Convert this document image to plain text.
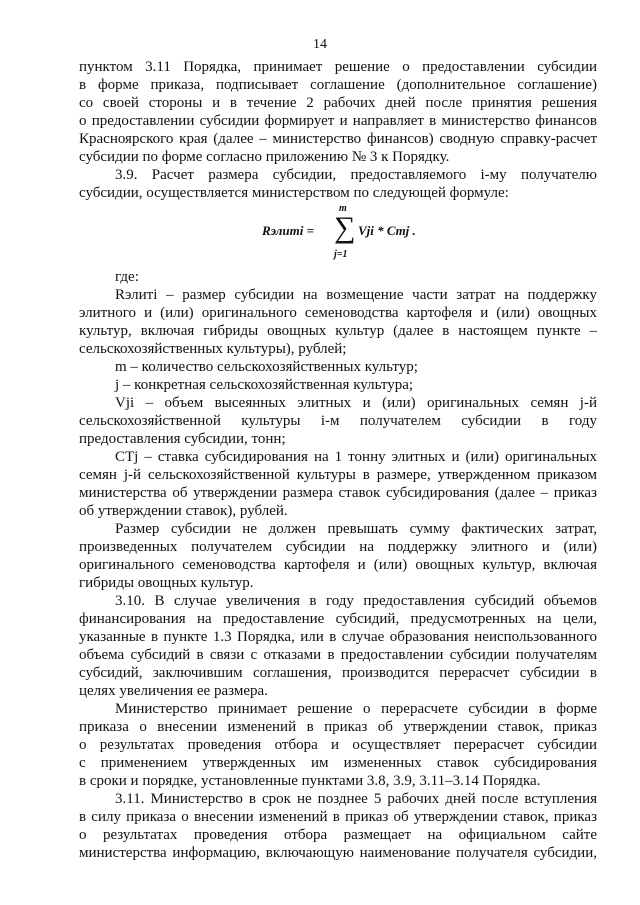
14
пунктом 3.11 Порядка, принимает решение о предоставлении субсидии
в форме приказа, подписывает соглашение (дополнительное соглашение)
со своей стороны и в течение 2 рабочих дней после принятия решения
о предоставлении субсидии формирует и направляет в министерство финансов
Красноярского края (далее – министерство финансов) сводную справку-расчет
субсидии по форме согласно приложению № 3 к Порядку.
3.9. Расчет размера субсидии, предоставляемого i-му получателю
субсидии, осуществляется министерством по следующей формуле:
где:
Rэлитi – размер субсидии на возмещение части затрат на поддержку
элитного и (или) оригинального семеноводства картофеля и (или) овощных
культур, включая гибриды овощных культур (далее в настоящем пункте –
сельскохозяйственных культуры), рублей;
m – количество сельскохозяйственных культур;
j – конкретная сельскохозяйственная культура;
Vji – объем высеянных элитных и (или) оригинальных семян j-й
сельскохозяйственной культуры i-м получателем субсидии в году
предоставления субсидии, тонн;
CTj – ставка субсидирования на 1 тонну элитных и (или) оригинальных
семян j-й сельскохозяйственной культуры в размере, утвержденном приказом
министерства об утверждении размера ставок субсидирования (далее – приказ
об утверждении ставок), рублей.
Размер субсидии не должен превышать сумму фактических затрат,
произведенных получателем субсидии на поддержку элитного и (или)
оригинального семеноводства картофеля и (или) овощных культур, включая
гибриды овощных культур.
3.10. В случае увеличения в году предоставления субсидий объемов
финансирования на предоставление субсидий, предусмотренных на цели,
указанные в пункте 1.3 Порядка, или в случае образования неиспользованного
объема субсидий в связи с отказами в предоставлении субсидии получателям
субсидий, заключившим соглашения, производится перерасчет субсидии в
целях увеличения ее размера.
Министерство принимает решение о перерасчете субсидии в форме
приказа о внесении изменений в приказ об утверждении ставок, приказ
о результатах проведения отбора и осуществляет перерасчет субсидии
с применением утвержденных им измененных ставок субсидирования
в сроки и порядке, установленные пунктами 3.8, 3.9, 3.11–3.14 Порядка.
3.11. Министерство в срок не позднее 5 рабочих дней после вступления
в силу приказа о внесении изменений в приказ об утверждении ставок, приказ
о результатах проведения отбора размещает на официальном сайте
министерства информацию, включающую наименование получателя субсидии,
Rэлитi =
m
∑
j=1
Vji * Cтj .
